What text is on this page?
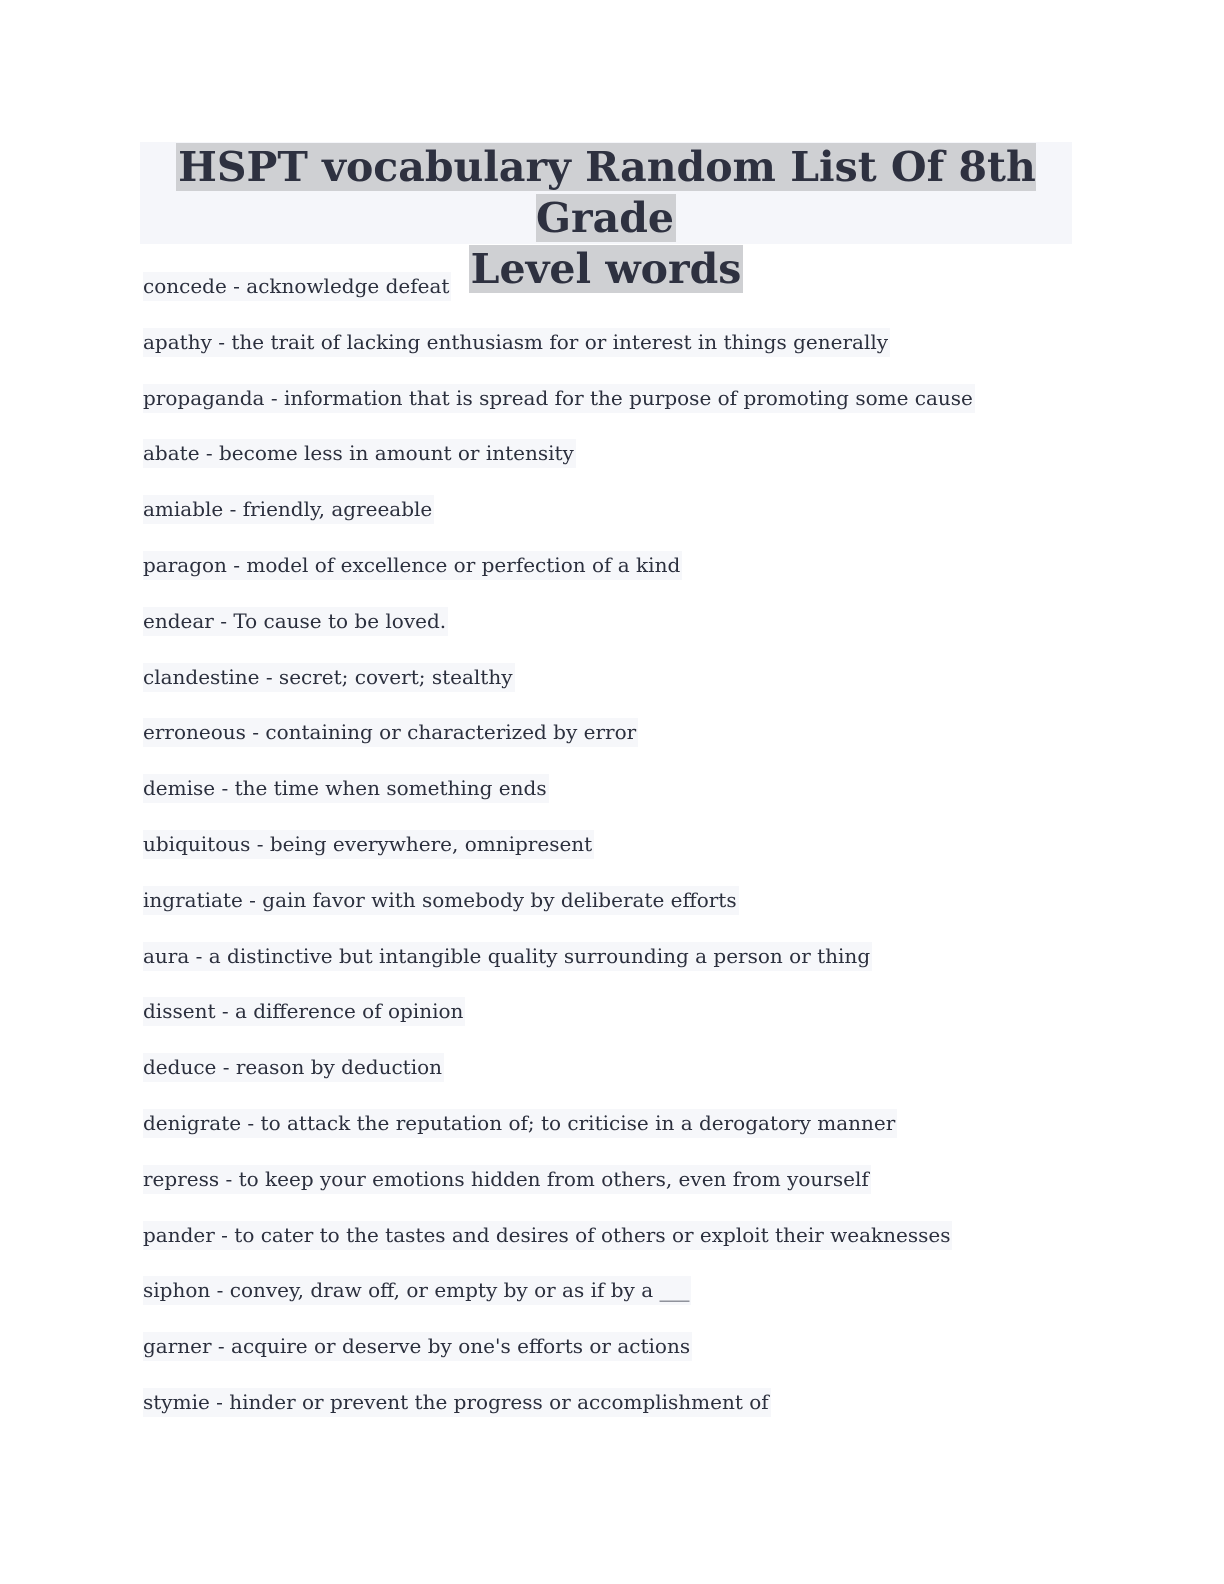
HSPT vocabulary Random List Of 8th Grade
Level words
concede - acknowledge defeat
apathy - the trait of lacking enthusiasm for or interest in things generally
propaganda - information that is spread for the purpose of promoting some cause
abate - become less in amount or intensity
amiable - friendly, agreeable
paragon - model of excellence or perfection of a kind
endear - To cause to be loved.
clandestine - secret; covert; stealthy
erroneous - containing or characterized by error
demise - the time when something ends
ubiquitous - being everywhere, omnipresent
ingratiate - gain favor with somebody by deliberate efforts
aura - a distinctive but intangible quality surrounding a person or thing
dissent - a difference of opinion
deduce - reason by deduction
denigrate - to attack the reputation of; to criticise in a derogatory manner
repress - to keep your emotions hidden from others, even from yourself
pander - to cater to the tastes and desires of others or exploit their weaknesses
siphon - convey, draw off, or empty by or as if by a ___
garner - acquire or deserve by one's efforts or actions
stymie - hinder or prevent the progress or accomplishment of
